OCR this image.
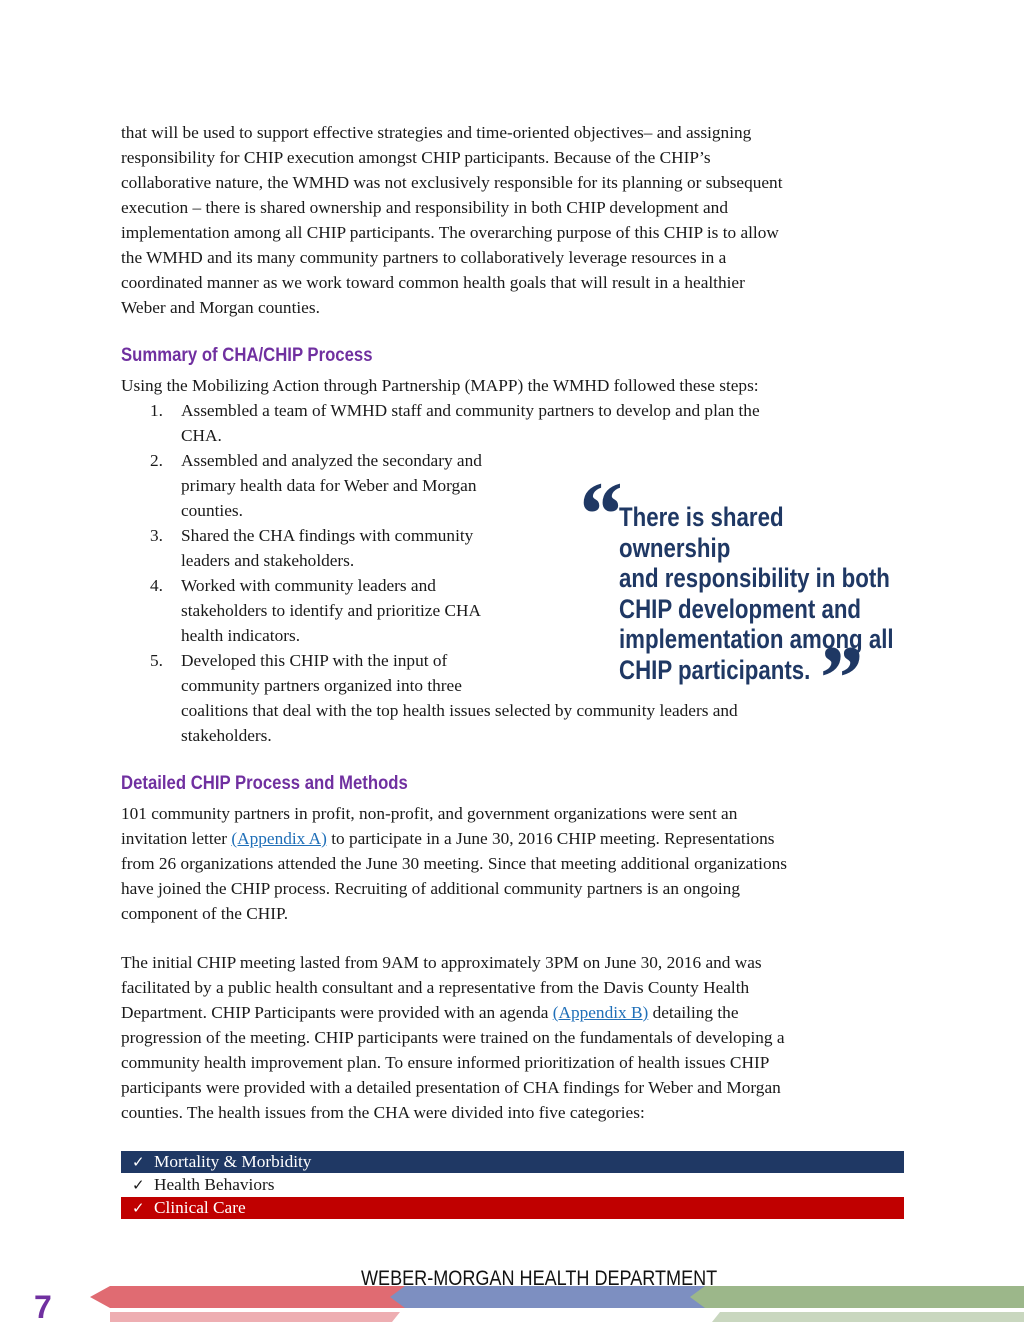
that will be used to support effective strategies and time-oriented objectives– and assigning
responsibility for CHIP execution amongst CHIP participants. Because of the CHIP’s
collaborative nature, the WMHD was not exclusively responsible for its planning or subsequent
execution – there is shared ownership and responsibility in both CHIP development and
implementation among all CHIP participants. The overarching purpose of this CHIP is to allow
the WMHD and its many community partners to collaboratively leverage resources in a
coordinated manner as we work toward common health goals that will result in a healthier
Weber and Morgan counties.

Summary of CHA/CHIP Process

Using the Mobilizing Action through Partnership (MAPP) the WMHD followed these steps:

1. Assembled a team of WMHD staff and community partners to develop and plan the
CHA.
2. Assembled and analyzed the secondary and
primary health data for Weber and Morgan
counties.
3. Shared the CHA findings with community
leaders and stakeholders.
4. Worked with community leaders and
stakeholders to identify and prioritize CHA
health indicators.
5. Developed this CHIP with the input of
community partners organized into three
coalitions that deal with the top health issues selected by community leaders and
stakeholders.
“

There is shared ownership
and responsibility in both
CHIP development and
implementation among all
CHIP participants. ”
Detailed CHIP Process and Methods

101 community partners in profit, non-profit, and government organizations were sent an
invitation letter (Appendix A) to participate in a June 30, 2016 CHIP meeting. Representations
from 26 organizations attended the June 30 meeting. Since that meeting additional organizations
have joined the CHIP process. Recruiting of additional community partners is an ongoing
component of the CHIP.

The initial CHIP meeting lasted from 9AM to approximately 3PM on June 30, 2016 and was
facilitated by a public health consultant and a representative from the Davis County Health
Department. CHIP Participants were provided with an agenda (Appendix B) detailing the
progression of the meeting. CHIP participants were trained on the fundamentals of developing a
community health improvement plan. To ensure informed prioritization of health issues CHIP
participants were provided with a detailed presentation of CHA findings for Weber and Morgan
counties. The health issues from the CHA were divided into five categories:

✓ Mortality & Morbidity
✓ Health Behaviors
✓ Clinical Care

WEBER-MORGAN HEALTH DEPARTMENT

7
